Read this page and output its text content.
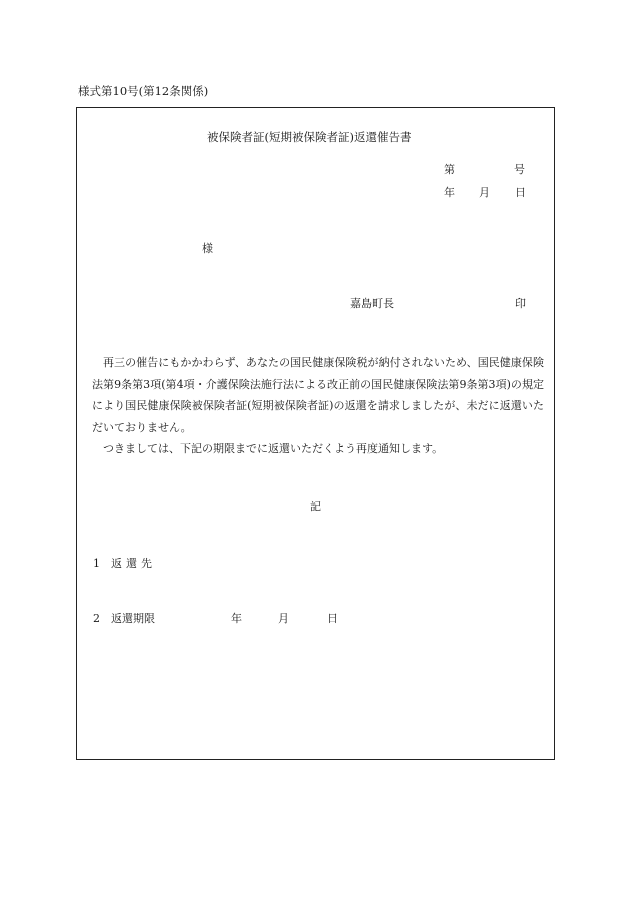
様式第10号(第12条関係)
被保険者証(短期被保険者証)返還催告書
第	号
年 月 日
様
嘉島町長	印

再三の催告にもかかわらず、あなたの国民健康保険税が納付されないため、国民健康保険法第9条第3項(第4項・介護保険法施行法による改正前の国民健康保険法第9条第3項)の規定により国民健康保険被保険者証(短期被保険者証)の返還を請求しましたが、未だに返還いただいておりません。

つきましては、下記の期限までに返還いただくよう再度通知します。

記
1 返還先
2 返還期限	年	月	日
